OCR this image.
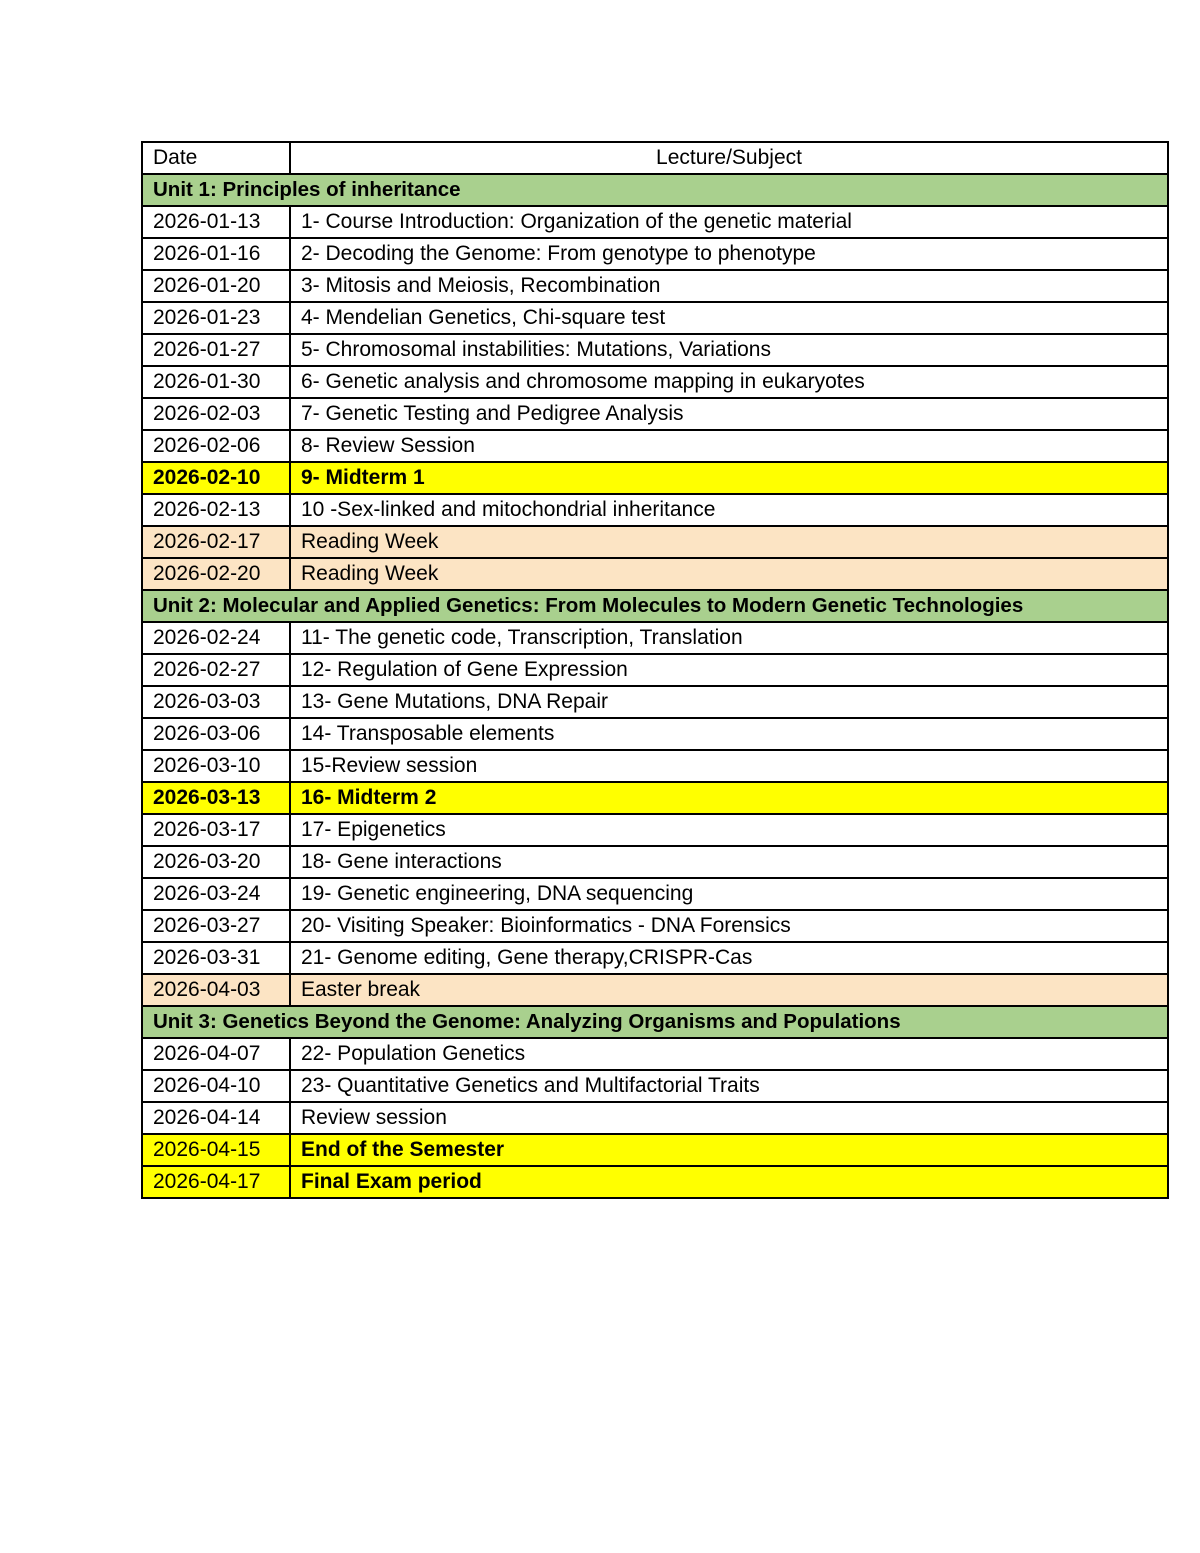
Date	Lecture/Subject
Unit 1: Principles of inheritance	
2026-01-13	1- Course Introduction: Organization of the genetic material
2026-01-16	2- Decoding the Genome: From genotype to phenotype
2026-01-20	3- Mitosis and Meiosis, Recombination
2026-01-23	4- Mendelian Genetics, Chi-square test
2026-01-27	5- Chromosomal instabilities: Mutations, Variations
2026-01-30	6- Genetic analysis and chromosome mapping in eukaryotes
2026-02-03	7- Genetic Testing and Pedigree Analysis
2026-02-06	8- Review Session
2026-02-10	9- Midterm 1
2026-02-13	10 -Sex-linked and mitochondrial inheritance
2026-02-17	Reading Week
2026-02-20	Reading Week
Unit 2: Molecular and Applied Genetics: From Molecules to Modern Genetic Technologies	
2026-02-24	11- The genetic code, Transcription, Translation
2026-02-27	12- Regulation of Gene Expression
2026-03-03	13- Gene Mutations, DNA Repair
2026-03-06	14- Transposable elements
2026-03-10	15-Review session
2026-03-13	16- Midterm 2
2026-03-17	17- Epigenetics
2026-03-20	18- Gene interactions
2026-03-24	19- Genetic engineering, DNA sequencing
2026-03-27	20- Visiting Speaker: Bioinformatics - DNA Forensics
2026-03-31	21- Genome editing, Gene therapy,CRISPR-Cas
2026-04-03	Easter break
Unit 3: Genetics Beyond the Genome: Analyzing Organisms and Populations	
2026-04-07	22- Population Genetics
2026-04-10	23- Quantitative Genetics and Multifactorial Traits
2026-04-14	Review session
2026-04-15	End of the Semester
2026-04-17	Final Exam period
